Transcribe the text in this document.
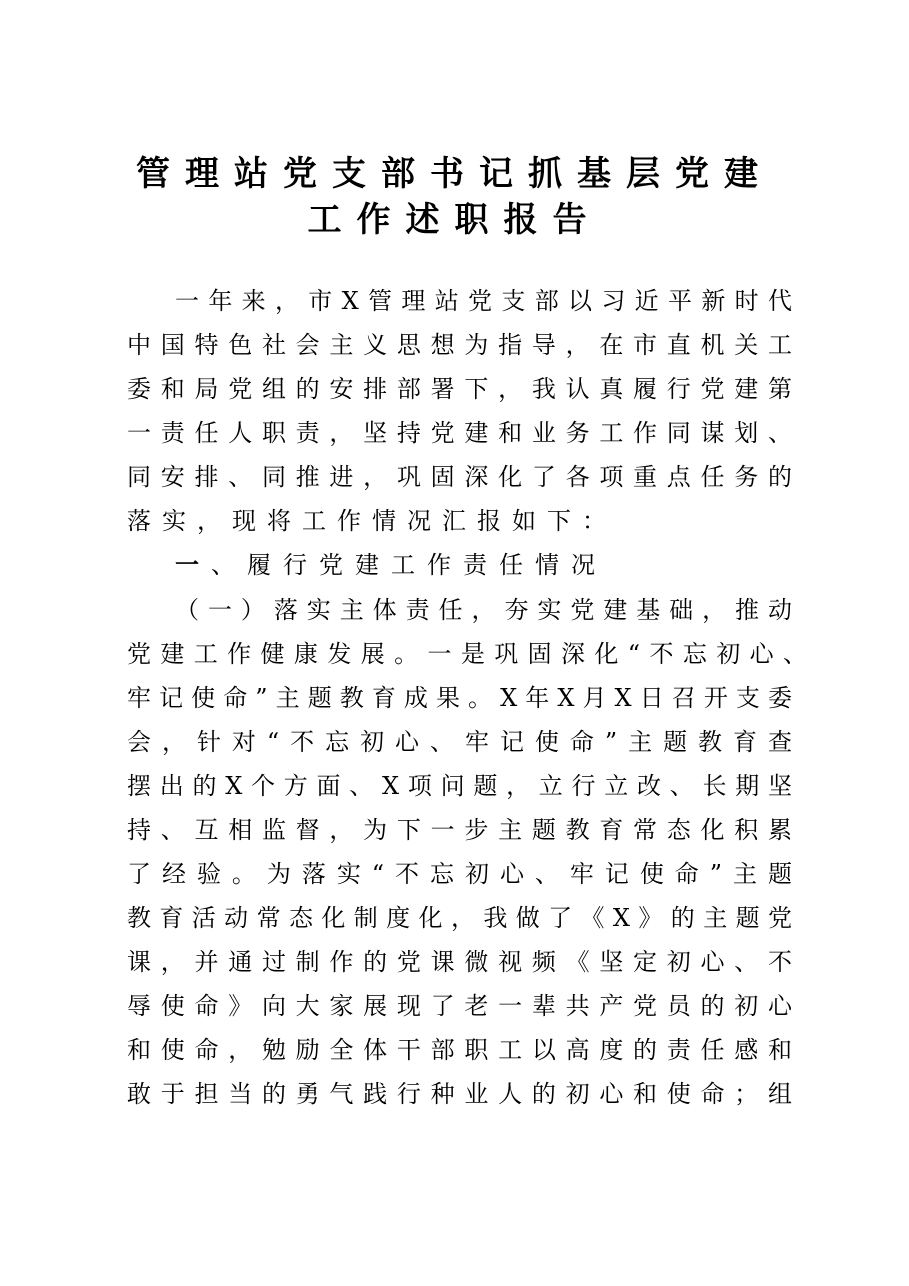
管理站党支部书记抓基层党建
工作述职报告
一年来，市X管理站党支部以习近平新时代
中国特色社会主义思想为指导，在市直机关工
委和局党组的安排部署下，我认真履行党建第
一责任人职责，坚持党建和业务工作同谋划、
同安排、同推进，巩固深化了各项重点任务的
落实，现将工作情况汇报如下：
一、履行党建工作责任情况
（一）落实主体责任，夯实党建基础，推动
党建工作健康发展。一是巩固深化“不忘初心、
牢记使命”主题教育成果。X年X月X日召开支委
会，针对“不忘初心、牢记使命”主题教育查
摆出的X个方面、X项问题，立行立改、长期坚
持、互相监督，为下一步主题教育常态化积累
了经验。为落实“不忘初心、牢记使命”主题
教育活动常态化制度化，我做了《X》的主题党
课，并通过制作的党课微视频《坚定初心、不
辱使命》向大家展现了老一辈共产党员的初心
和使命，勉励全体干部职工以高度的责任感和
敢于担当的勇气践行种业人的初心和使命；组
